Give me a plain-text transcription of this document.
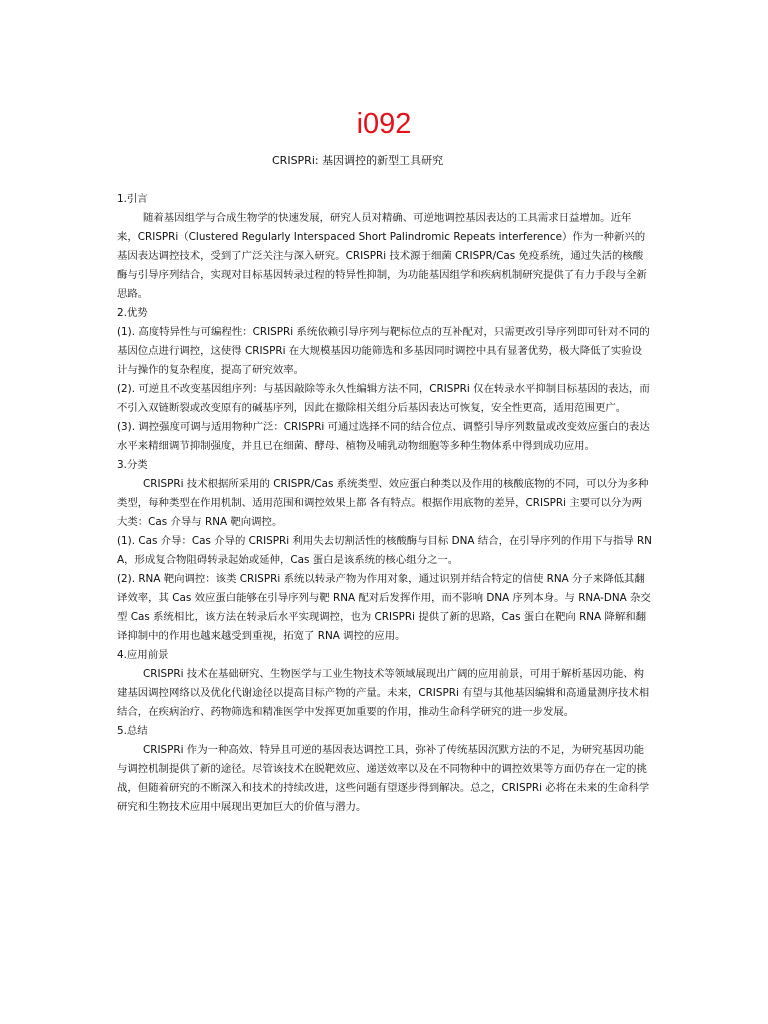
i092
CRISPRi: 基因调控的新型工具研究

1.引言

随着基因组学与合成生物学的快速发展，研究人员对精确、可逆地调控基因表达的工具需求日益增加。近年来，CRISPRi（Clustered Regularly Interspaced Short Palindromic Repeats interference）作为一种新兴的基因表达调控技术，受到了广泛关注与深入研究。CRISPRi 技术源于细菌 CRISPR/Cas 免疫系统，通过失活的核酸酶与引导序列结合，实现对目标基因转录过程的特异性抑制，为功能基因组学和疾病机制研究提供了有力手段与全新思路。

2.优势

(1). 高度特异性与可编程性：CRISPRi 系统依赖引导序列与靶标位点的互补配对，只需更改引导序列即可针对不同的基因位点进行调控，这使得 CRISPRi 在大规模基因功能筛选和多基因同时调控中具有显著优势，极大降低了实验设计与操作的复杂程度，提高了研究效率。

(2). 可逆且不改变基因组序列：与基因敲除等永久性编辑方法不同，CRISPRi 仅在转录水平抑制目标基因的表达，而不引入双链断裂或改变原有的碱基序列，因此在撤除相关组分后基因表达可恢复，安全性更高，适用范围更广。

(3). 调控强度可调与适用物种广泛：CRISPRi 可通过选择不同的结合位点、调整引导序列数量或改变效应蛋白的表达水平来精细调节抑制强度，并且已在细菌、酵母、植物及哺乳动物细胞等多种生物体系中得到成功应用。

3.分类

CRISPRi 技术根据所采用的 CRISPR/Cas 系统类型、效应蛋白种类以及作用的核酸底物的不同，可以分为多种类型，每种类型在作用机制、适用范围和调控效果上都 各有特点。根据作用底物的差异，CRISPRi 主要可以分为两大类：Cas 介导与 RNA 靶向调控。

(1). Cas 介导：Cas 介导的 CRISPRi 利用失去切割活性的核酸酶与目标 DNA 结合，在引导序列的作用下与指导 RNA，形成复合物阻碍转录起始或延伸，Cas 蛋白是该系统的核心组分之一。

(2). RNA 靶向调控：该类 CRISPRi 系统以转录产物为作用对象，通过识别并结合特定的信使 RNA 分子来降低其翻译效率，其 Cas 效应蛋白能够在引导序列与靶 RNA 配对后发挥作用，而不影响 DNA 序列本身。与 RNA-DNA 杂交型 Cas 系统相比，该方法在转录后水平实现调控，也为 CRISPRi 提供了新的思路，Cas 蛋白在靶向 RNA 降解和翻译抑制中的作用也越来越受到重视，拓宽了 RNA 调控的应用。

4.应用前景

CRISPRi 技术在基础研究、生物医学与工业生物技术等领域展现出广阔的应用前景，可用于解析基因功能、构建基因调控网络以及优化代谢途径以提高目标产物的产量。未来，CRISPRi 有望与其他基因编辑和高通量测序技术相结合，在疾病治疗、药物筛选和精准医学中发挥更加重要的作用，推动生命科学研究的进一步发展。

5.总结

CRISPRi 作为一种高效、特异且可逆的基因表达调控工具，弥补了传统基因沉默方法的不足，为研究基因功能与调控机制提供了新的途径。尽管该技术在脱靶效应、递送效率以及在不同物种中的调控效果等方面仍存在一定的挑战，但随着研究的不断深入和技术的持续改进，这些问题有望逐步得到解决。总之，CRISPRi 必将在未来的生命科学研究和生物技术应用中展现出更加巨大的价值与潜力。
